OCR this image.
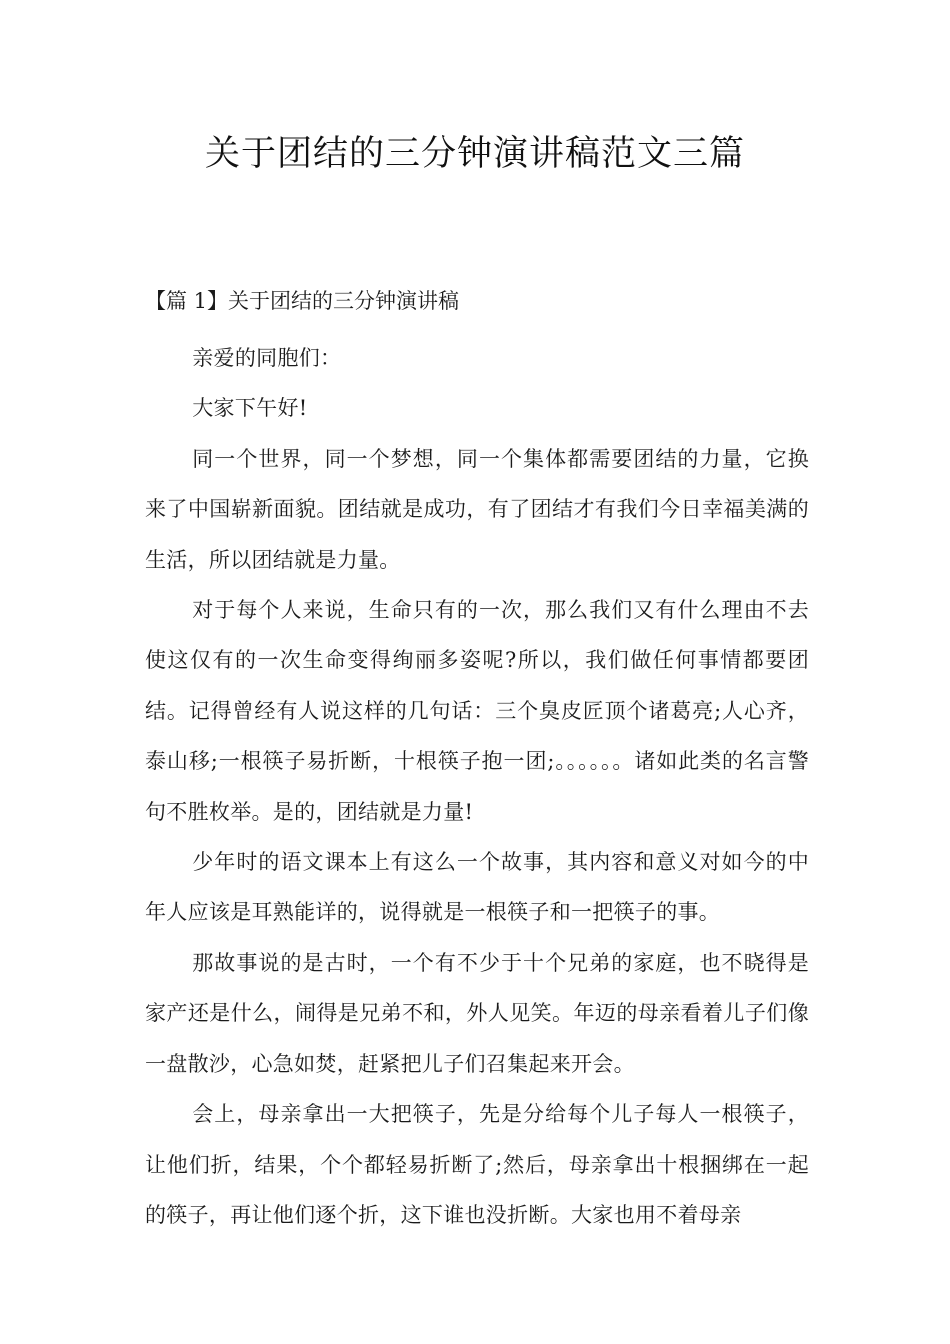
关于团结的三分钟演讲稿范文三篇
【篇 1】关于团结的三分钟演讲稿

亲爱的同胞们：

大家下午好!

同一个世界，同一个梦想，同一个集体都需要团结的力量，它换来了中国崭新面貌。团结就是成功，有了团结才有我们今日幸福美满的生活，所以团结就是力量。

对于每个人来说，生命只有的一次，那么我们又有什么理由不去使这仅有的一次生命变得绚丽多姿呢?所以，我们做任何事情都要团结。记得曾经有人说这样的几句话：三个臭皮匠顶个诸葛亮;人心齐，泰山移;一根筷子易折断，十根筷子抱一团;。。。。。。诸如此类的名言警句不胜枚举。是的，团结就是力量!

少年时的语文课本上有这么一个故事，其内容和意义对如今的中年人应该是耳熟能详的，说得就是一根筷子和一把筷子的事。

那故事说的是古时，一个有不少于十个兄弟的家庭，也不晓得是家产还是什么，闹得是兄弟不和，外人见笑。年迈的母亲看着儿子们像一盘散沙，心急如焚，赶紧把儿子们召集起来开会。

会上，母亲拿出一大把筷子，先是分给每个儿子每人一根筷子，让他们折，结果，个个都轻易折断了;然后，母亲拿出十根捆绑在一起的筷子，再让他们逐个折，这下谁也没折断。大家也用不着母亲
